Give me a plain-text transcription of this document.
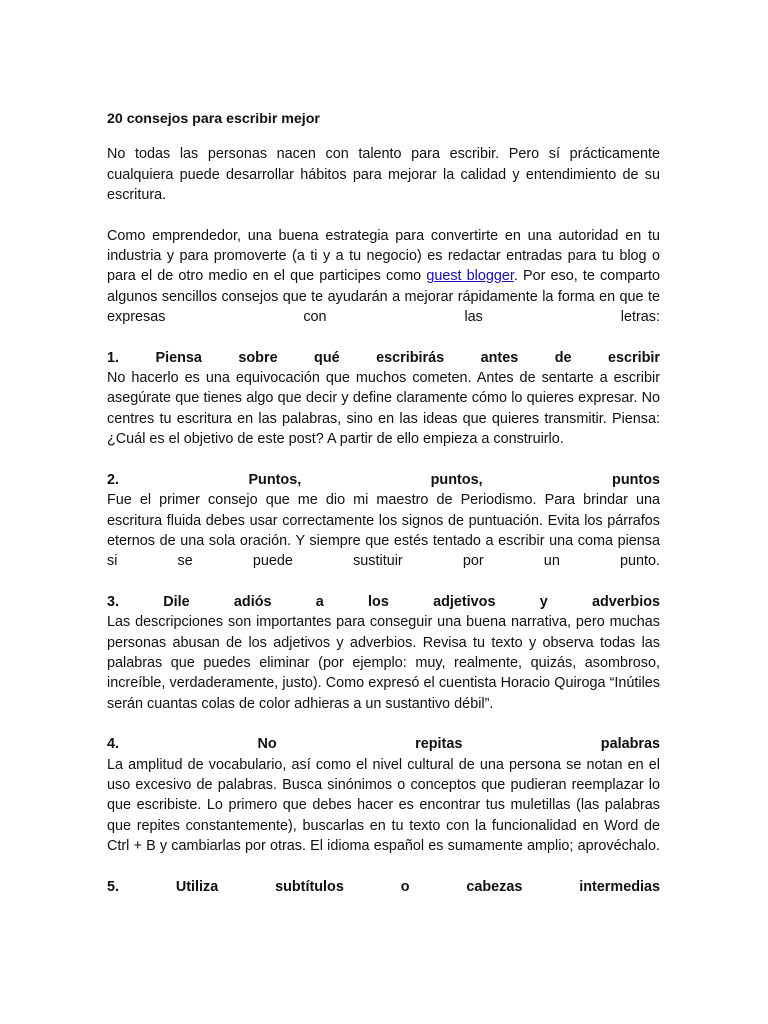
20 consejos para escribir mejor

No todas las personas nacen con talento para escribir. Pero sí prácticamente cualquiera puede desarrollar hábitos para mejorar la calidad y entendimiento de su escritura.

Como emprendedor, una buena estrategia para convertirte en una autoridad en tu industria y para promoverte (a ti y a tu negocio) es redactar entradas para tu blog o para el de otro medio en el que participes como guest blogger. Por eso, te comparto algunos sencillos consejos que te ayudarán a mejorar rápidamente la forma en que te expresas con las letras:

1. Piensa sobre qué escribirás antes de escribir

No hacerlo es una equivocación que muchos cometen. Antes de sentarte a escribir asegúrate que tienes algo que decir y define claramente cómo lo quieres expresar. No centres tu escritura en las palabras, sino en las ideas que quieres transmitir. Piensa: ¿Cuál es el objetivo de este post? A partir de ello empieza a construirlo.

2. Puntos, puntos, puntos

Fue el primer consejo que me dio mi maestro de Periodismo. Para brindar una escritura fluida debes usar correctamente los signos de puntuación. Evita los párrafos eternos de una sola oración. Y siempre que estés tentado a escribir una coma piensa si se puede sustituir por un punto.

3. Dile adiós a los adjetivos y adverbios

Las descripciones son importantes para conseguir una buena narrativa, pero muchas personas abusan de los adjetivos y adverbios. Revisa tu texto y observa todas las palabras que puedes eliminar (por ejemplo: muy, realmente, quizás, asombroso, increíble, verdaderamente, justo). Como expresó el cuentista Horacio Quiroga “Inútiles serán cuantas colas de color adhieras a un sustantivo débil”.

4. No repitas palabras

La amplitud de vocabulario, así como el nivel cultural de una persona se notan en el uso excesivo de palabras. Busca sinónimos o conceptos que pudieran reemplazar lo que escribiste. Lo primero que debes hacer es encontrar tus muletillas (las palabras que repites constantemente), buscarlas en tu texto con la funcionalidad en Word de Ctrl + B y cambiarlas por otras. El idioma español es sumamente amplio; aprovéchalo.

5. Utiliza subtítulos o cabezas intermedias
